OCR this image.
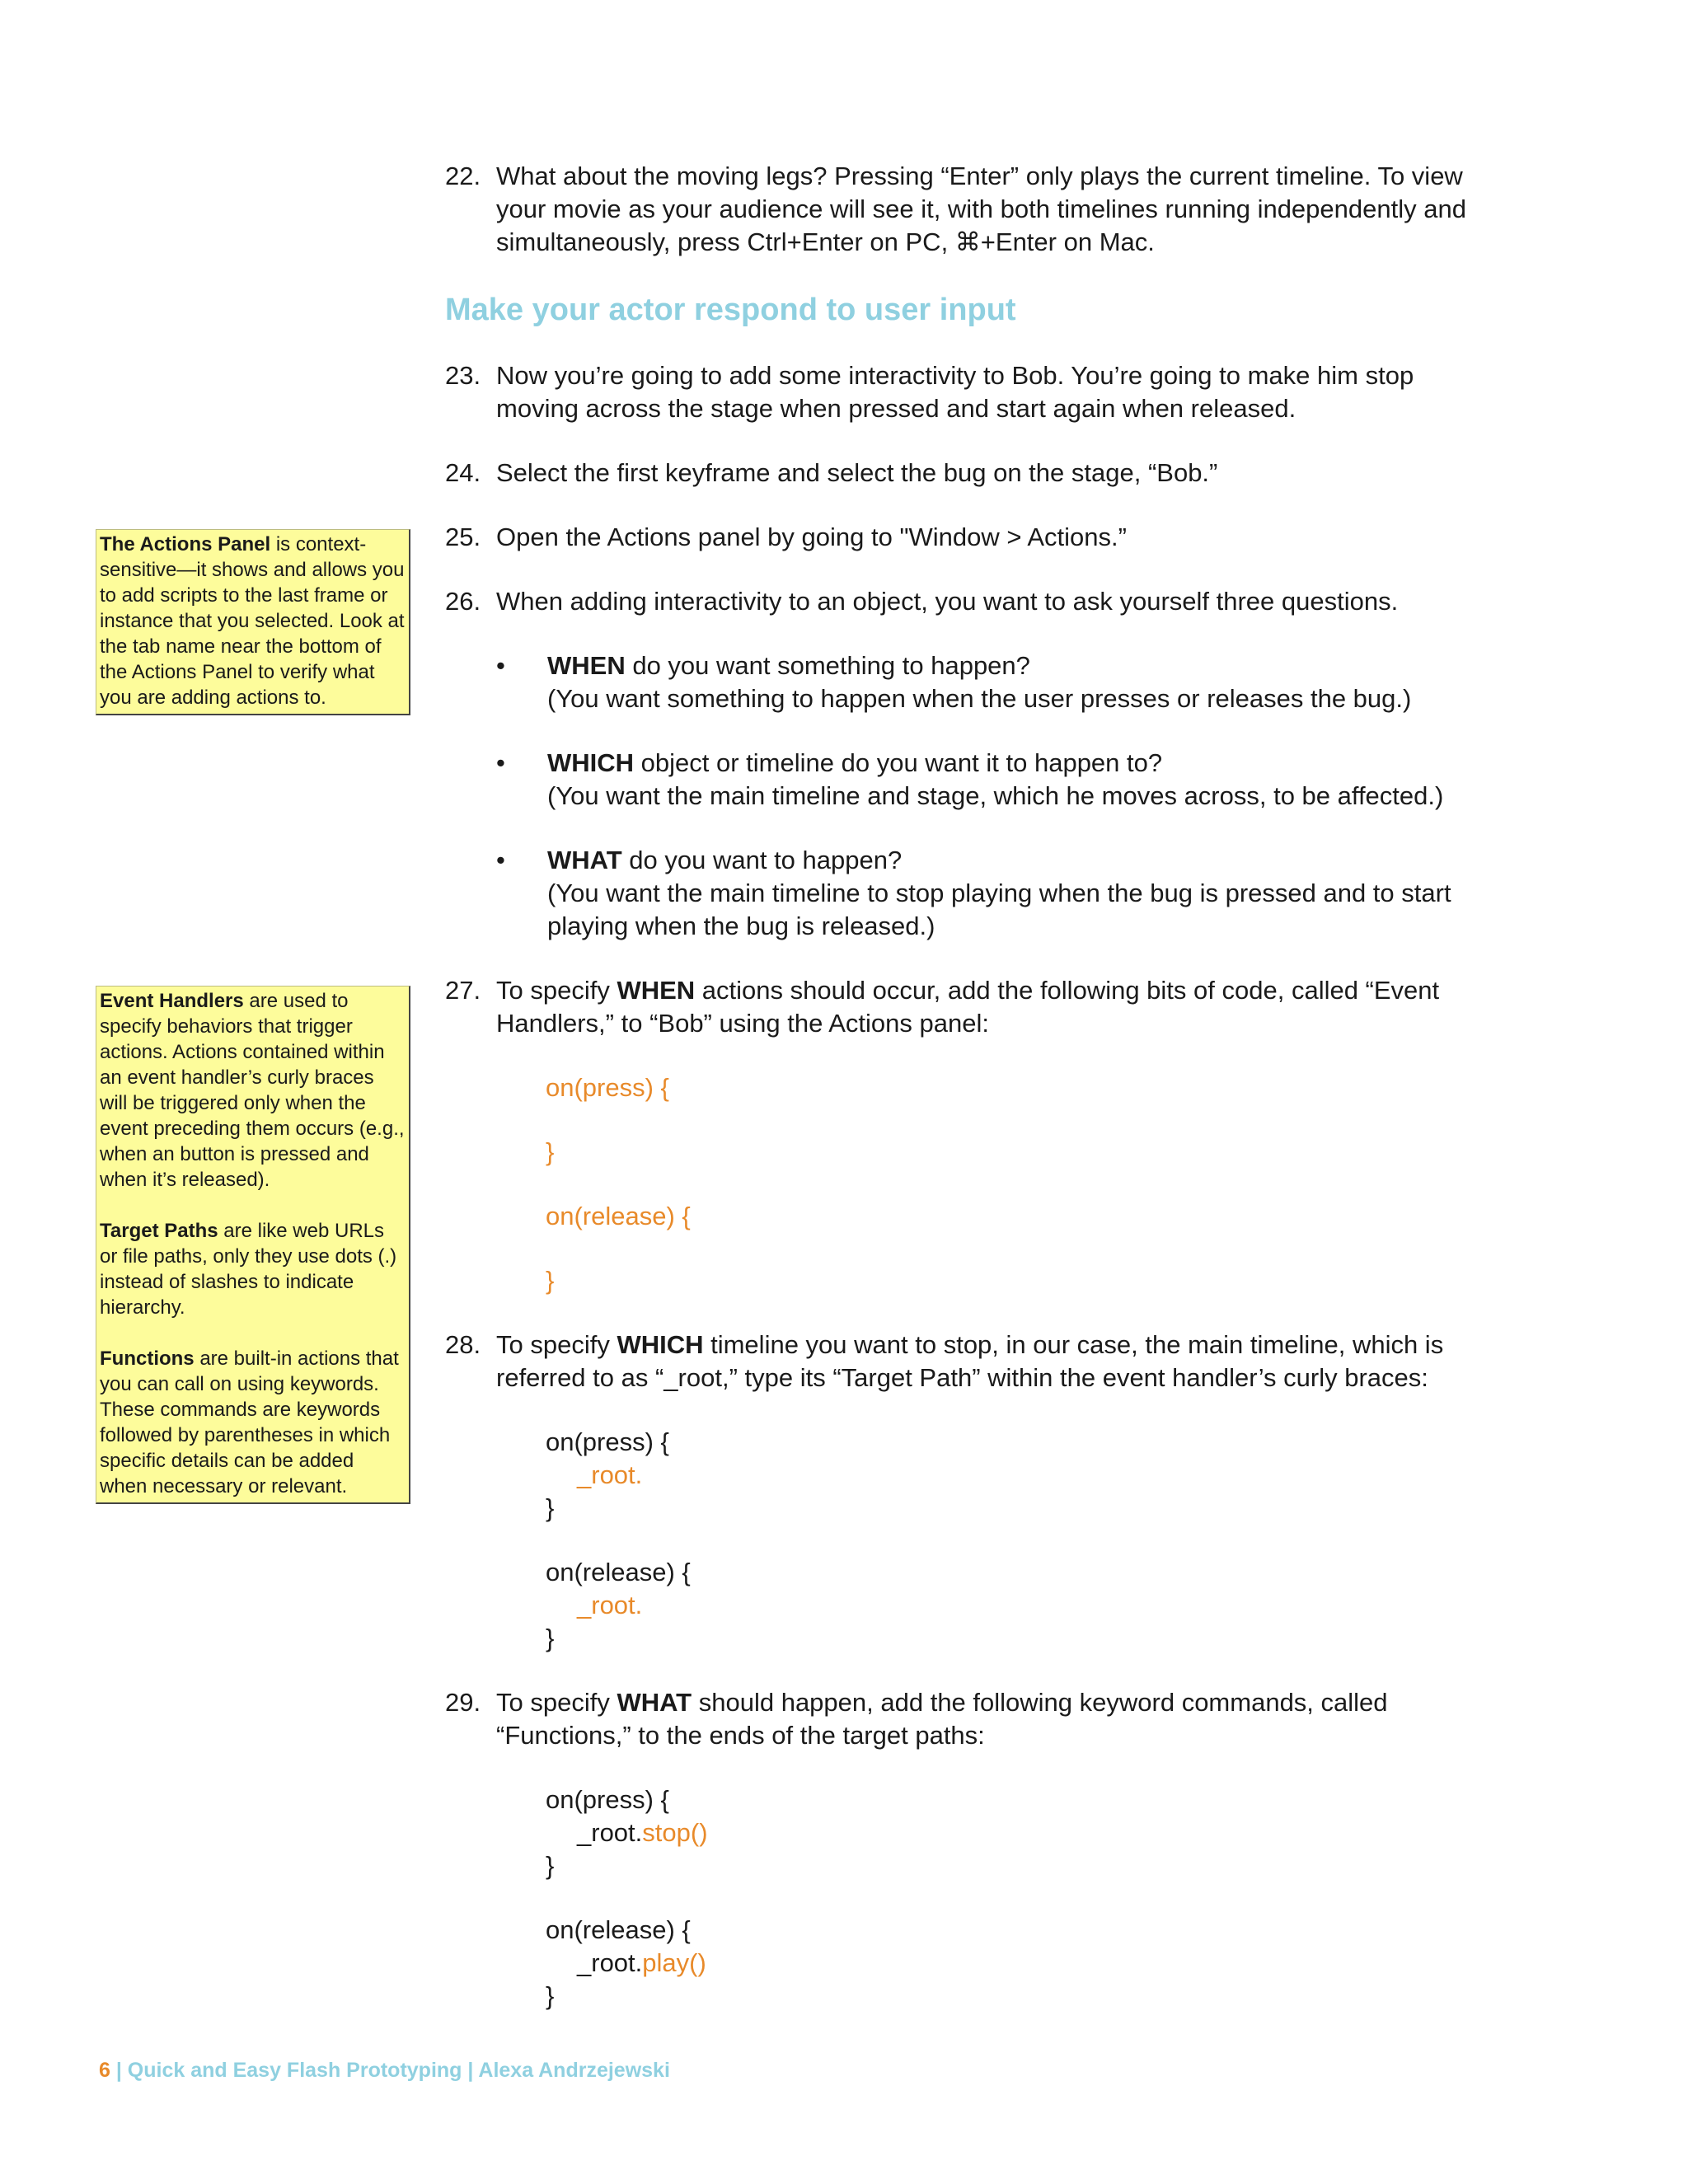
22. What about the moving legs? Pressing “Enter” only plays the current timeline. To view your movie as your audience will see it, with both timelines running independently and simultaneously, press Ctrl+Enter on PC, ⌘+Enter on Mac.

Make your actor respond to user input

23. Now you’re going to add some interactivity to Bob. You’re going to make him stop moving across the stage when pressed and start again when released.

24. Select the first keyframe and select the bug on the stage, “Bob.”

25. Open the Actions panel by going to "Window > Actions.”

26. When adding interactivity to an object, you want to ask yourself three questions.

• WHEN do you want something to happen?
(You want something to happen when the user presses or releases the bug.)
• WHICH object or timeline do you want it to happen to?
(You want the main timeline and stage, which he moves across, to be affected.)
• WHAT do you want to happen?
(You want the main timeline to stop playing when the bug is pressed and to start playing when the bug is released.)

27. To specify WHEN actions should occur, add the following bits of code, called “Event Handlers,” to “Bob” using the Actions panel:

on(press) {
}
on(release) {
}

28. To specify WHICH timeline you want to stop, in our case, the main timeline, which is referred to as “_root,” type its “Target Path” within the event handler’s curly braces:

on(press) {
_root.
}
on(release) {
_root.
}

29. To specify WHAT should happen, add the following keyword commands, called “Functions,” to the ends of the target paths:

on(press) {
_root.stop()
}
on(release) {
_root.play()
}

The Actions Panel is context-sensitive—it shows and allows you to add scripts to the last frame or instance that you selected. Look at the tab name near the bottom of the Actions Panel to verify what you are adding actions to.

Event Handlers are used to specify behaviors that trigger actions. Actions contained within an event handler’s curly braces will be triggered only when the event preceding them occurs (e.g., when an button is pressed and when it’s released).

Target Paths are like web URLs or file paths, only they use dots (.) instead of slashes to indicate hierarchy.

Functions are built-in actions that you can call on using keywords. These commands are keywords followed by parentheses in which specific details can be added when necessary or relevant.

6 | Quick and Easy Flash Prototyping | Alexa Andrzejewski
